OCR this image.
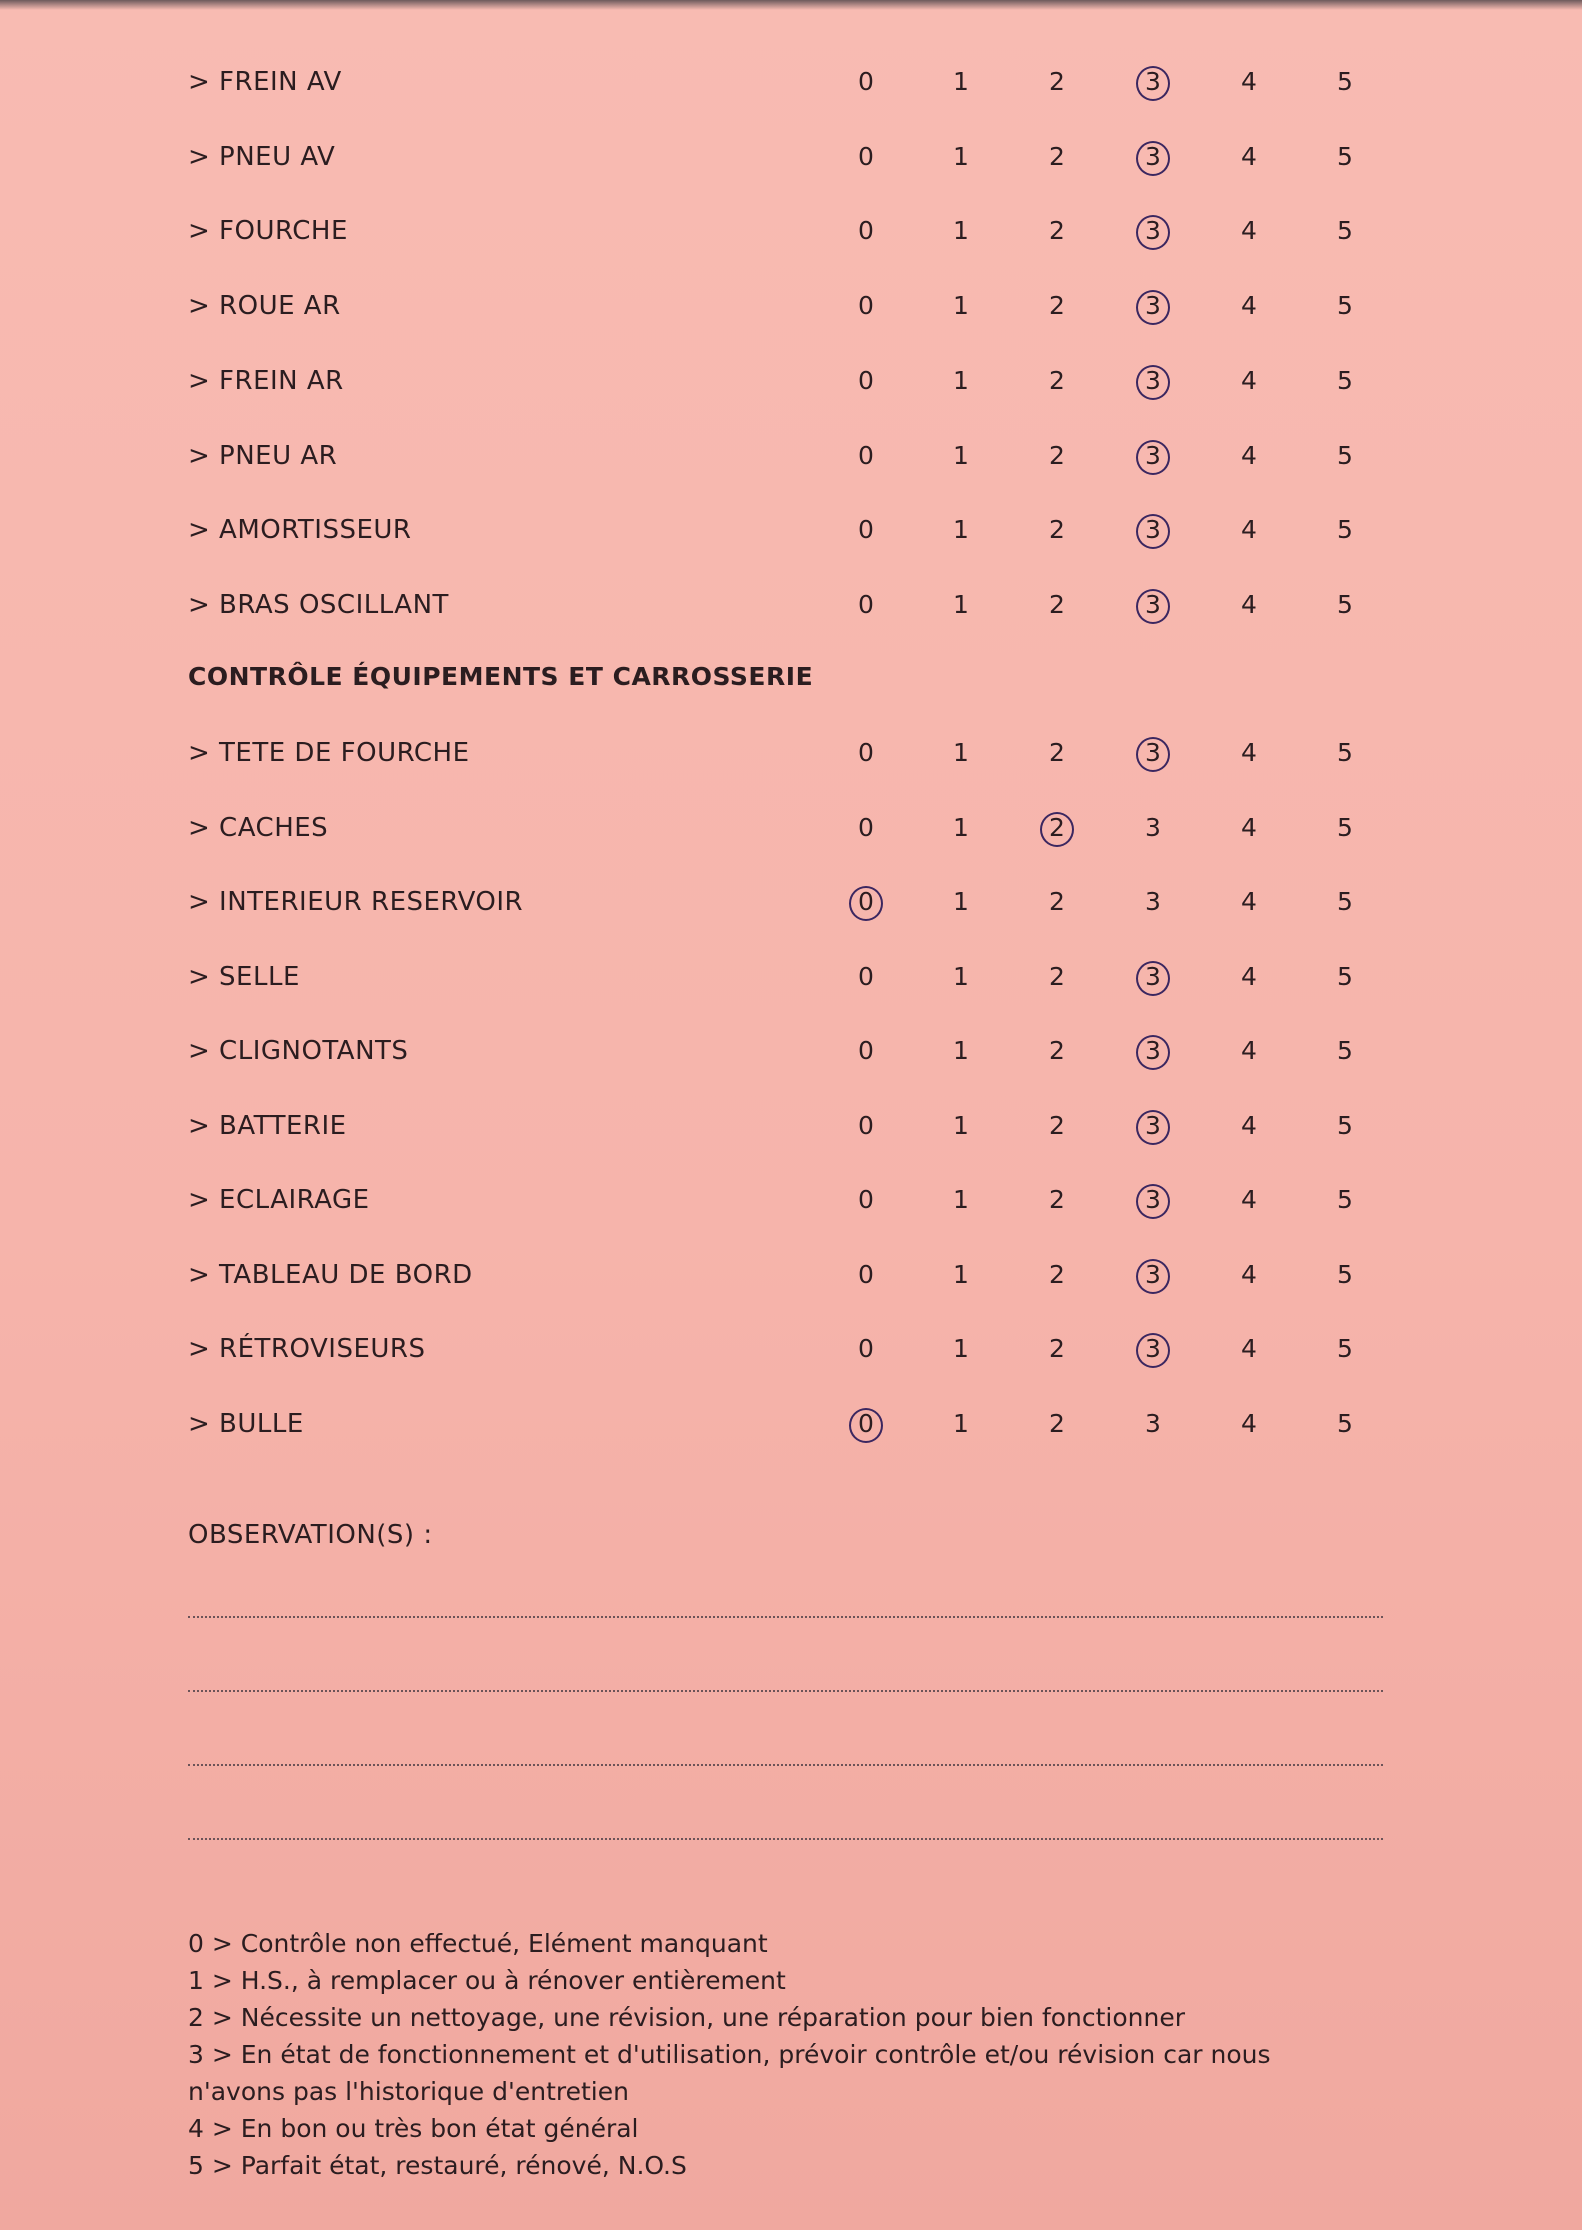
> FREIN AV	0	1	2	3	4	5
> PNEU AV	0	1	2	3	4	5
> FOURCHE	0	1	2	3	4	5
> ROUE AR	0	1	2	3	4	5
> FREIN AR	0	1	2	3	4	5
> PNEU AR	0	1	2	3	4	5
> AMORTISSEUR	0	1	2	3	4	5
> BRAS OSCILLANT	0	1	2	3	4	5
CONTRÔLE ÉQUIPEMENTS ET CARROSSERIE
> TETE DE FOURCHE	0	1	2	3	4	5
> CACHES	0	1	2	3	4	5
> INTERIEUR RESERVOIR	0	1	2	3	4	5
> SELLE	0	1	2	3	4	5
> CLIGNOTANTS	0	1	2	3	4	5
> BATTERIE	0	1	2	3	4	5
> ECLAIRAGE	0	1	2	3	4	5
> TABLEAU DE BORD	0	1	2	3	4	5
> RÉTROVISEURS	0	1	2	3	4	5
> BULLE	0	1	2	3	4	5
OBSERVATION(S) :
0 > Contrôle non effectué, Elément manquant
1 > H.S., à remplacer ou à rénover entièrement
2 > Nécessite un nettoyage, une révision, une réparation pour bien fonctionner
3 > En état de fonctionnement et d'utilisation, prévoir contrôle et/ou révision car nous
n'avons pas l'historique d'entretien
4 > En bon ou très bon état général
5 > Parfait état, restauré, rénové, N.O.S
